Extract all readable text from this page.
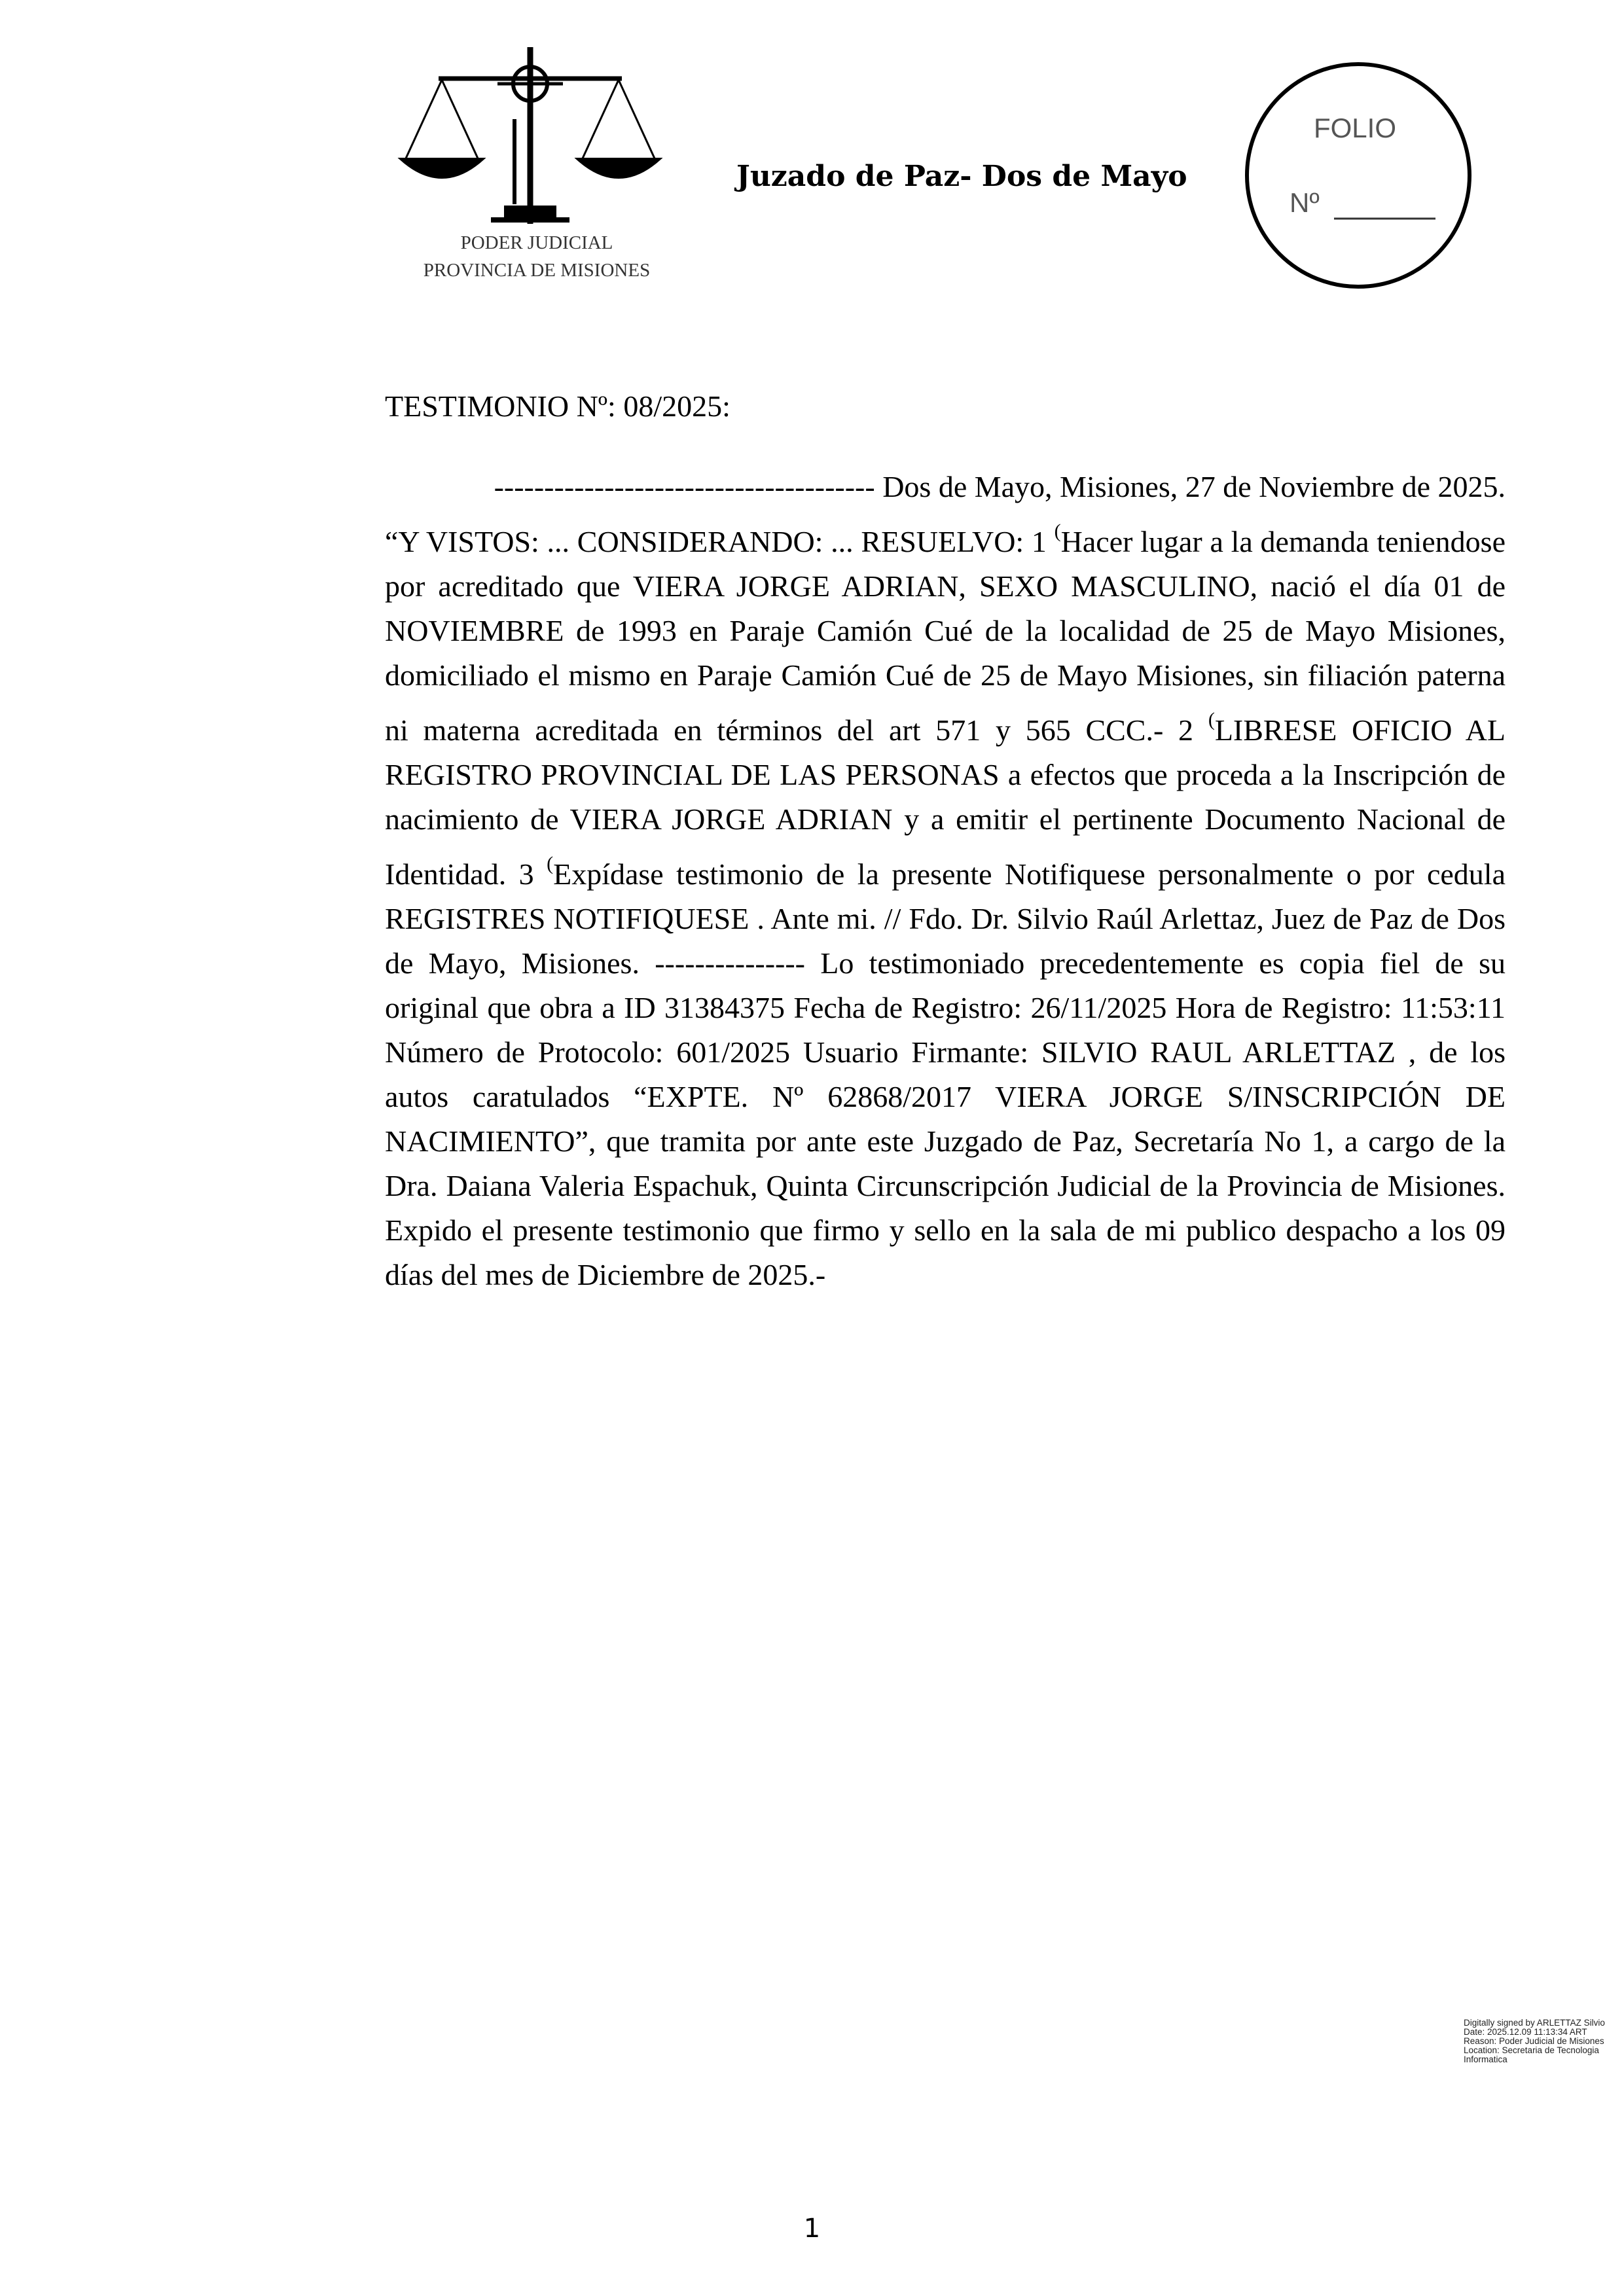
PODER JUDICIAL
PROVINCIA DE MISIONES
Juzado de Paz- Dos de Mayo
FOLIO
Nº
TESTIMONIO Nº: 08/2025:
-------------------------------------- Dos de Mayo, Misiones, 27 de Noviembre de 2025.

“Y VISTOS: ... CONSIDERANDO: ... RESUELVO: 1 (Hacer lugar a la demanda teniendose por acreditado que VIERA JORGE ADRIAN, SEXO MASCULINO, nació el día 01 de NOVIEMBRE de 1993 en Paraje Camión Cué de la localidad de 25 de Mayo Misiones, domiciliado el mismo en Paraje Camión Cué de 25 de Mayo Misiones, sin filiación paterna ni materna acreditada en términos del art 571 y 565 CCC.- 2 (LIBRESE OFICIO AL REGISTRO PROVINCIAL DE LAS PERSONAS a efectos que proceda a la Inscripción de nacimiento de VIERA JORGE ADRIAN y a emitir el pertinente Documento Nacional de Identidad. 3 (Expídase testimonio de la presente Notifiquese personalmente o por cedula REGISTRES NOTIFIQUESE . Ante mi. // Fdo. Dr. Silvio Raúl Arlettaz, Juez de Paz de Dos de Mayo, Misiones. --------------- Lo testimoniado precedentemente es copia fiel de su original que obra a ID 31384375 Fecha de Registro: 26/11/2025 Hora de Registro: 11:53:11 Número de Protocolo: 601/2025 Usuario Firmante: SILVIO RAUL ARLETTAZ , de los autos caratulados “EXPTE. Nº 62868/2017 VIERA JORGE S/INSCRIPCIÓN DE NACIMIENTO”, que tramita por ante este Juzgado de Paz, Secretaría No 1, a cargo de la Dra. Daiana Valeria Espachuk, Quinta Circunscripción Judicial de la Provincia de Misiones. Expido el presente testimonio que firmo y sello en la sala de mi publico despacho a los 09 días del mes de Diciembre de 2025.-

Digitally signed by ARLETTAZ Silvio
Date: 2025.12.09 11:13:34 ART
Reason: Poder Judicial de Misiones
Location: Secretaria de Tecnologia
Informatica
1
